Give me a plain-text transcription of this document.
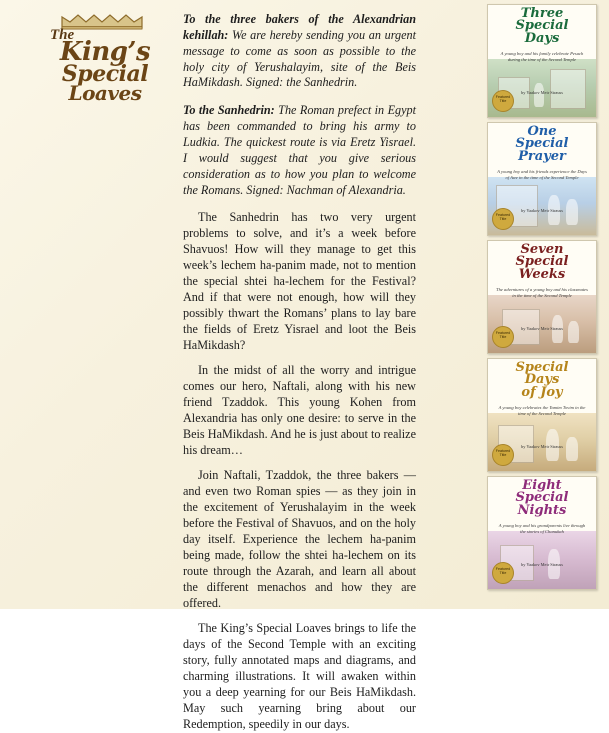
The
King’s
Special
Loaves

To the three bakers of the Alexandrian kehillah: We are hereby sending you an urgent message to come as soon as possible to the holy city of Yerushalayim, site of the Beis HaMikdash. Signed: the Sanhedrin.

To the Sanhedrin: The Roman prefect in Egypt has been commanded to bring his army to Ludkia. The quickest route is via Eretz Yisrael. I would suggest that you give serious consideration as to how you plan to welcome the Romans. Signed: Nachman of Alexandria.

The Sanhedrin has two very urgent problems to solve, and it’s a week before Shavuos! How will they manage to get this week’s lechem ha-panim made, not to mention the special shtei ha-lechem for the Festival? And if that were not enough, how will they possibly thwart the Romans’ plans to lay bare the fields of Eretz Yisrael and loot the Beis HaMikdash?

In the midst of all the worry and intrigue comes our hero, Naftali, along with his new friend Tzaddok. This young Kohen from Alexandria has only one desire: to serve in the Beis HaMikdash. And he is just about to realize his dream…

Join Naftali, Tzaddok, the three bakers — and even two Roman spies — as they join in the excitement of Yerushalayim in the week before the Festival of Shavuos, and on the holy day itself. Experience the lechem ha-panim being made, follow the shtei ha-lechem on its route through the Azarah, and learn all about the different menachos and how they are offered.

The King’s Special Loaves brings to life the days of the Second Temple with an exciting story, fully annotated maps and diagrams, and charming illustrations. It will awaken within you a deep yearning for our Beis HaMikdash. May such yearning bring about our Redemption, speedily in our days.

Three
Special
Days
A young boy and his family celebrate Pesach during the time of the Second Temple
by Yaakov Meir Strauss
Featured Title
One
Special
Prayer
A young boy and his friends experience the Days of Awe in the time of the Second Temple
by Yaakov Meir Strauss
Featured Title
Seven
Special
Weeks
The adventures of a young boy and his classmates in the time of the Second Temple
by Yaakov Meir Strauss
Featured Title
Special
Days
of Joy
A young boy celebrates the Yamim Tovim in the time of the Second Temple
by Yaakov Meir Strauss
Featured Title
Eight
Special
Nights
A young boy and his grandparents live through the stories of Chanukah
by Yaakov Meir Strauss
Featured Title
